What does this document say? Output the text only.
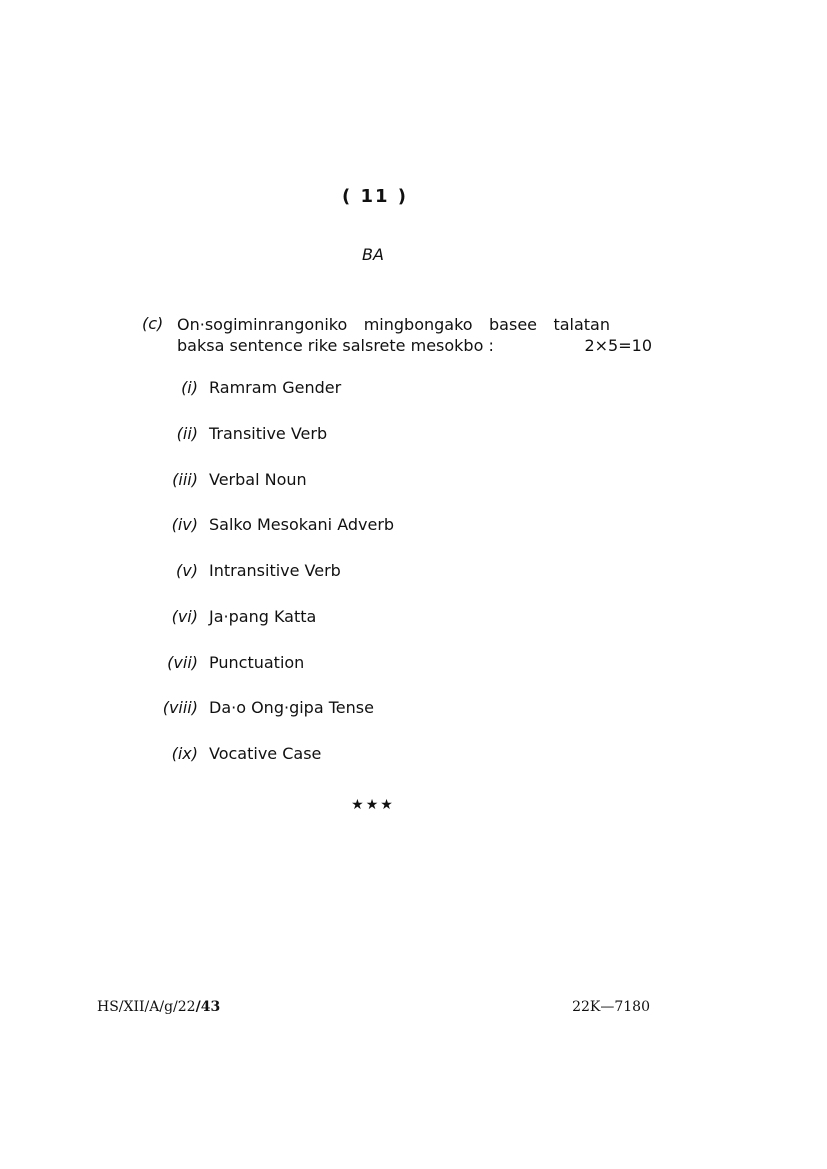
( 11 )
BA
(c) On·sogiminrangoniko mingbongako basee talatan
baksa sentence rike salsrete mesokbo :	2×5=10
(i) Ramram Gender
(ii) Transitive Verb
(iii) Verbal Noun
(iv) Salko Mesokani Adverb
(v) Intransitive Verb
(vi) Ja·pang Katta
(vii) Punctuation
(viii) Da·o Ong·gipa Tense
(ix) Vocative Case
★★★
HS/XII/A/g/22/43	22K—7180
